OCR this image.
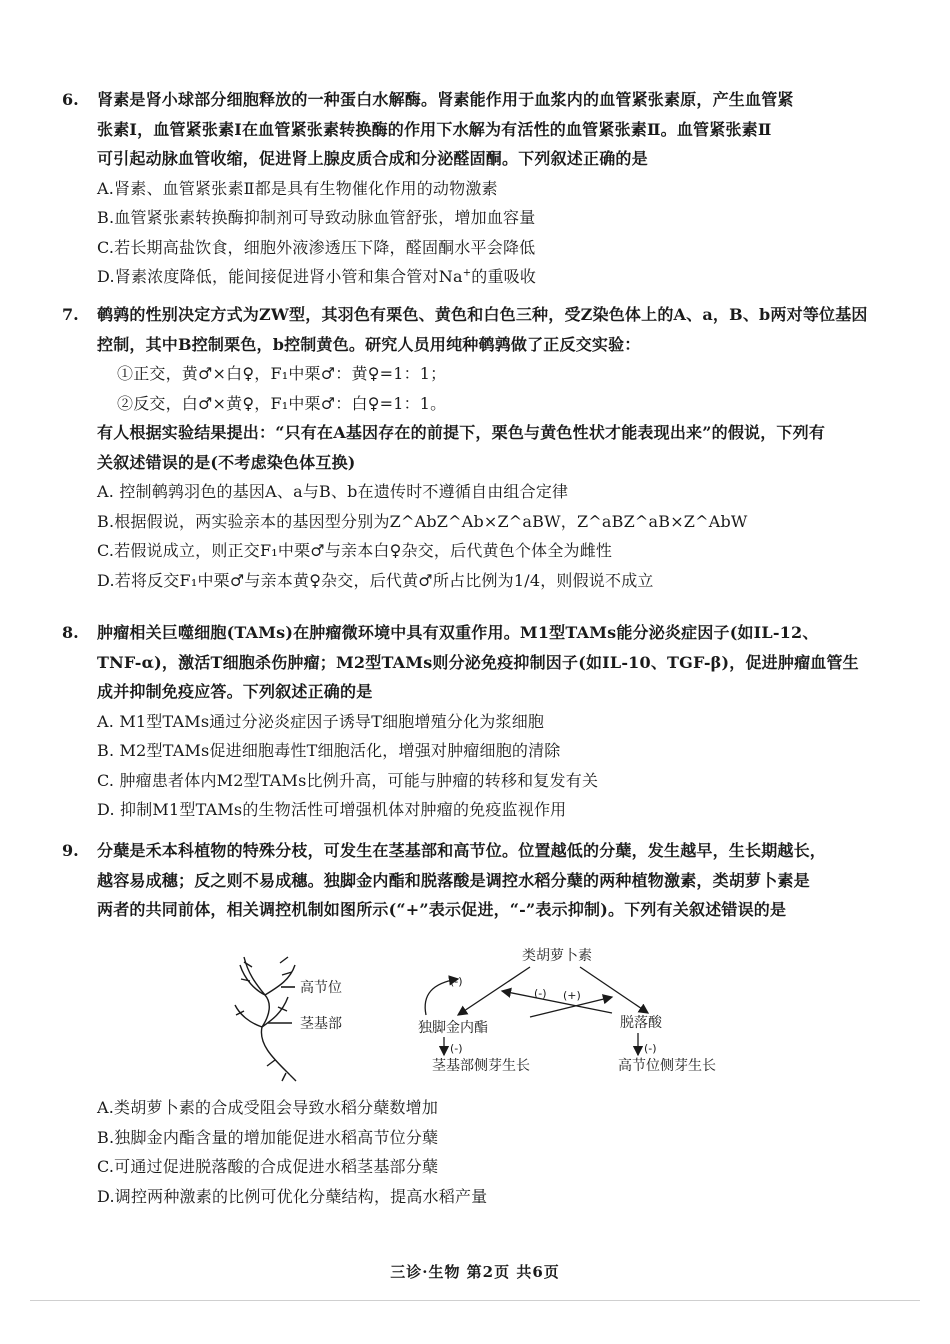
6. 肾素是肾小球部分细胞释放的一种蛋白水解酶。肾素能作用于血浆内的血管紧张素原，产生血管紧
张素Ⅰ，血管紧张素Ⅰ在血管紧张素转换酶的作用下水解为有活性的血管紧张素Ⅱ。血管紧张素Ⅱ
可引起动脉血管收缩，促进肾上腺皮质合成和分泌醛固酮。下列叙述正确的是
A.肾素、血管紧张素Ⅱ都是具有生物催化作用的动物激素
B.血管紧张素转换酶抑制剂可导致动脉血管舒张，增加血容量
C.若长期高盐饮食，细胞外液渗透压下降，醛固酮水平会降低
D.肾素浓度降低，能间接促进肾小管和集合管对Na+的重吸收
7. 鹌鹑的性别决定方式为ZW型，其羽色有栗色、黄色和白色三种，受Z染色体上的A、a，B、b两对等位基因
控制，其中B控制栗色，b控制黄色。研究人员用纯种鹌鹑做了正反交实验：
①正交，黄♂×白♀，F₁中栗♂：黄♀=1：1；
②反交，白♂×黄♀，F₁中栗♂：白♀=1：1。
有人根据实验结果提出：“只有在A基因存在的前提下，栗色与黄色性状才能表现出来”的假说，下列有
关叙述错误的是(不考虑染色体互换)
A. 控制鹌鹑羽色的基因A、a与B、b在遗传时不遵循自由组合定律
B.根据假说，两实验亲本的基因型分别为Z^AbZ^Ab×Z^aBW，Z^aBZ^aB×Z^AbW
C.若假说成立，则正交F₁中栗♂与亲本白♀杂交，后代黄色个体全为雌性
D.若将反交F₁中栗♂与亲本黄♀杂交，后代黄♂所占比例为1/4，则假说不成立
8. 肿瘤相关巨噬细胞(TAMs)在肿瘤微环境中具有双重作用。M1型TAMs能分泌炎症因子(如IL-12、
TNF-α)，激活T细胞杀伤肿瘤；M2型TAMs则分泌免疫抑制因子(如IL-10、TGF-β)，促进肿瘤血管生
成并抑制免疫应答。下列叙述正确的是
A. M1型TAMs通过分泌炎症因子诱导T细胞增殖分化为浆细胞
B. M2型TAMs促进细胞毒性T细胞活化，增强对肿瘤细胞的清除
C. 肿瘤患者体内M2型TAMs比例升高，可能与肿瘤的转移和复发有关
D. 抑制M1型TAMs的生物活性可增强机体对肿瘤的免疫监视作用
9. 分蘖是禾本科植物的特殊分枝，可发生在茎基部和高节位。位置越低的分蘖，发生越早，生长期越长，
越容易成穗；反之则不易成穗。独脚金内酯和脱落酸是调控水稻分蘖的两种植物激素，类胡萝卜素是
两者的共同前体，相关调控机制如图所示(“+”表示促进，“-”表示抑制)。下列有关叙述错误的是
高节位
茎基部
类胡萝卜素
独脚金内酯	脱落酸
茎基部侧芽生长	高节位侧芽生长
(-)
(-) (+)
(-)	(-)
A.类胡萝卜素的合成受阻会导致水稻分蘖数增加
B.独脚金内酯含量的增加能促进水稻高节位分蘖
C.可通过促进脱落酸的合成促进水稻茎基部分蘖
D.调控两种激素的比例可优化分蘖结构，提高水稻产量
三诊·生物 第2页 共6页
